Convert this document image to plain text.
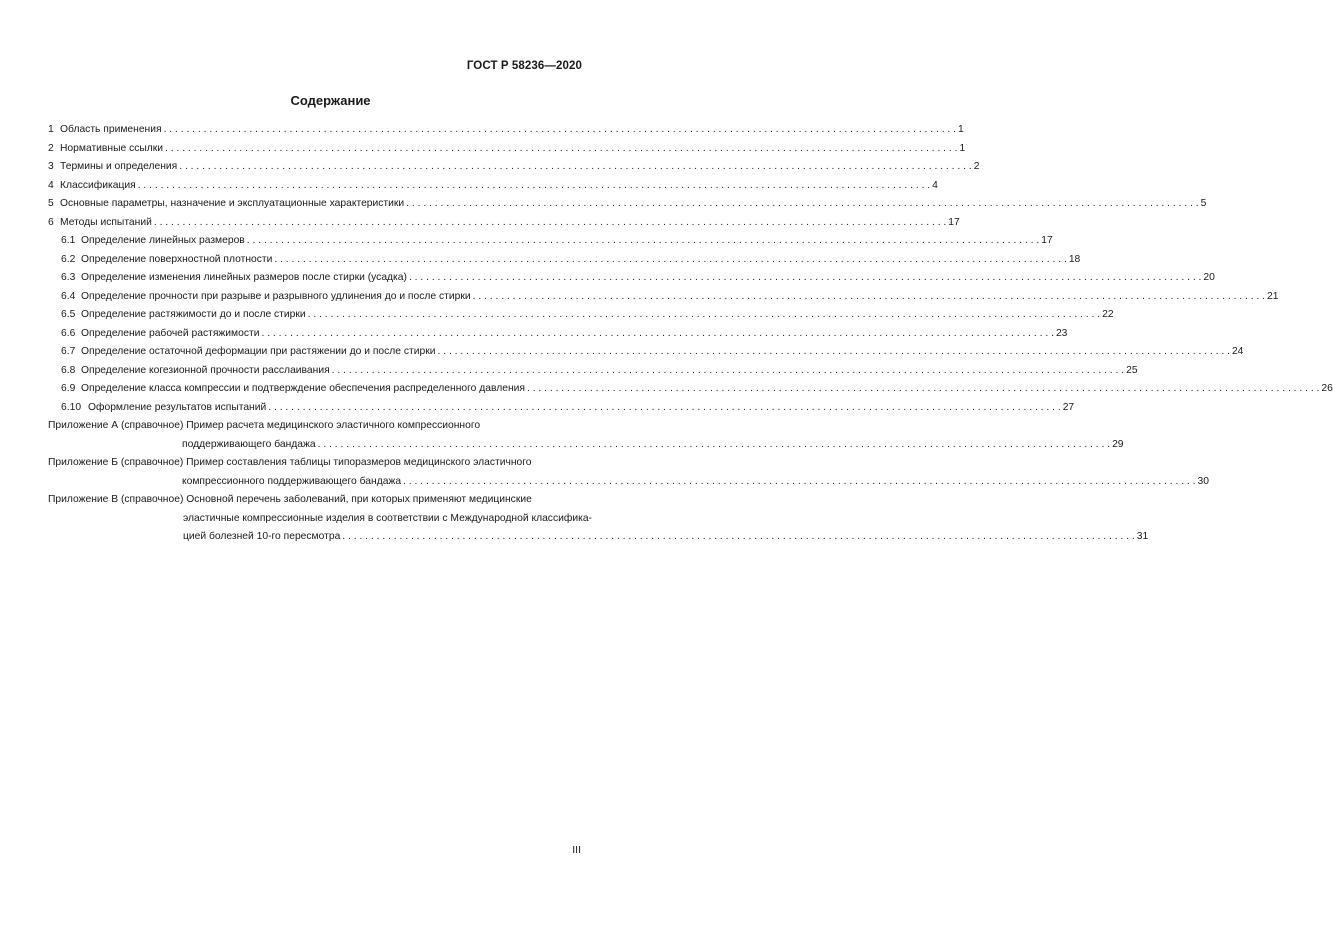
ГОСТ Р 58236—2020
Содержание
1 Область применения . . .	1
2 Нормативные ссылки . . .	1
3 Термины и определения . . .	2
4 Классификация . . .	4
5 Основные параметры, назначение и эксплуатационные характеристики . . .	5
6 Методы испытаний . . .	17
6.1 Определение линейных размеров . . .	17
6.2 Определение поверхностной плотности . . .	18
6.3 Определение изменения линейных размеров после стирки (усадка) . . .	20
6.4 Определение прочности при разрыве и разрывного удлинения до и после стирки . . .	21
6.5 Определение растяжимости до и после стирки . . .	22
6.6 Определение рабочей растяжимости . . .	23
6.7 Определение остаточной деформации при растяжении до и после стирки . . .	24
6.8 Определение когезионной прочности расслаивания . . .	25
6.9 Определение класса компрессии и подтверждение обеспечения распределенного давления . . .	26
6.10 Оформление результатов испытаний . . .	27
Приложение А (справочное) Пример расчета медицинского эластичного компрессионного
поддерживающего бандажа . . .	29
Приложение Б (справочное) Пример составления таблицы типоразмеров медицинского эластичного
компрессионного поддерживающего бандажа . . .	30
Приложение В (справочное) Основной перечень заболеваний, при которых применяют медицинские
эластичные компрессионные изделия в соответствии с Международной классифика-
цией болезней 10-го пересмотра . . .	31
III
